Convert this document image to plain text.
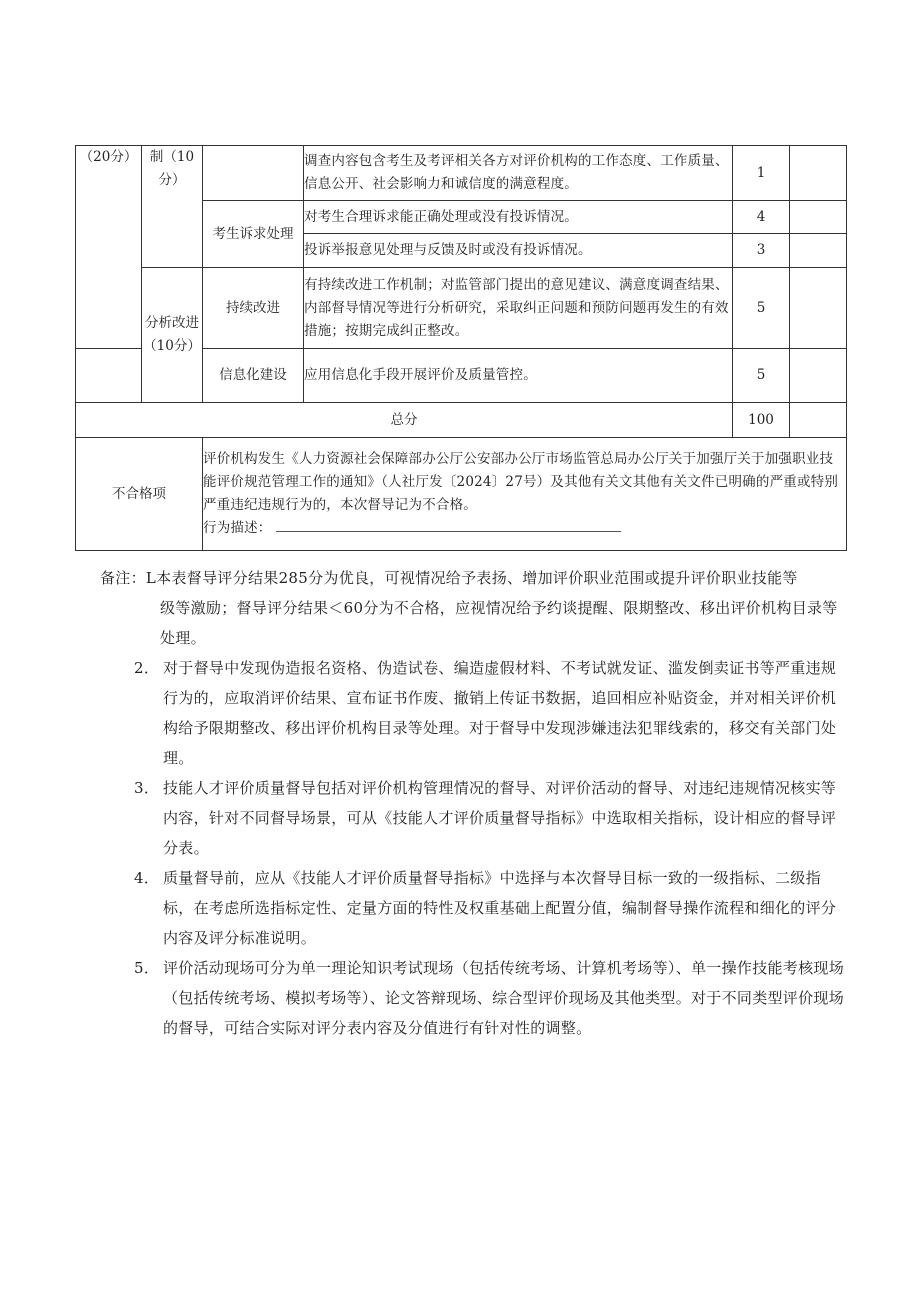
（20分）	制（10分）		调查内容包含考生及考评相关各方对评价机构的工作态度、工作质量、信息公开、社会影响力和诚信度的满意程度。	1	
		考生诉求处理	对考生合理诉求能正确处理或没有投诉情况。	4	
			投诉举报意见处理与反馈及时或没有投诉情况。	3	
	分析改进（10分）	持续改进	有持续改进工作机制；对监管部门提出的意见建议、满意度调查结果、内部督导情况等进行分析研究，采取纠正问题和预防问题再发生的有效措施；按期完成纠正整改。	5	
		信息化建设	应用信息化手段开展评价及质量管控。	5	
总分				100	
不合格项		评价机构发生《人力资源社会保障部办公厅公安部办公厅市场监管总局办公厅关于加强厅关于加强职业技能评价规范管理工作的通知》（人社厅发〔2024〕27号）及其他有关文其他有关文件已明确的严重或特别严重违纪违规行为的，本次督导记为不合格。
行为描述：			
备注：L本表督导评分结果285分为优良，可视情况给予表扬、增加评价职业范围或提升评价职业技能等
级等激励；督导评分结果＜60分为不合格，应视情况给予约谈提醒、限期整改、移出评价机构目录等处理。
2． 对于督导中发现伪造报名资格、伪造试卷、编造虚假材料、不考试就发证、滥发倒卖证书等严重违规行为的，应取消评价结果、宣布证书作废、撤销上传证书数据，追回相应补贴资金，并对相关评价机构给予限期整改、移出评价机构目录等处理。对于督导中发现涉嫌违法犯罪线索的，移交有关部门处理。
3． 技能人才评价质量督导包括对评价机构管理情况的督导、对评价活动的督导、对违纪违规情况核实等内容，针对不同督导场景，可从《技能人才评价质量督导指标》中选取相关指标，设计相应的督导评分表。
4． 质量督导前，应从《技能人才评价质量督导指标》中选择与本次督导目标一致的一级指标、二级指标，在考虑所选指标定性、定量方面的特性及权重基础上配置分值，编制督导操作流程和细化的评分内容及评分标准说明。
5． 评价活动现场可分为单一理论知识考试现场（包括传统考场、计算机考场等）、单一操作技能考核现场（包括传统考场、模拟考场等）、论文答辩现场、综合型评价现场及其他类型。对于不同类型评价现场的督导，可结合实际对评分表内容及分值进行有针对性的调整。
